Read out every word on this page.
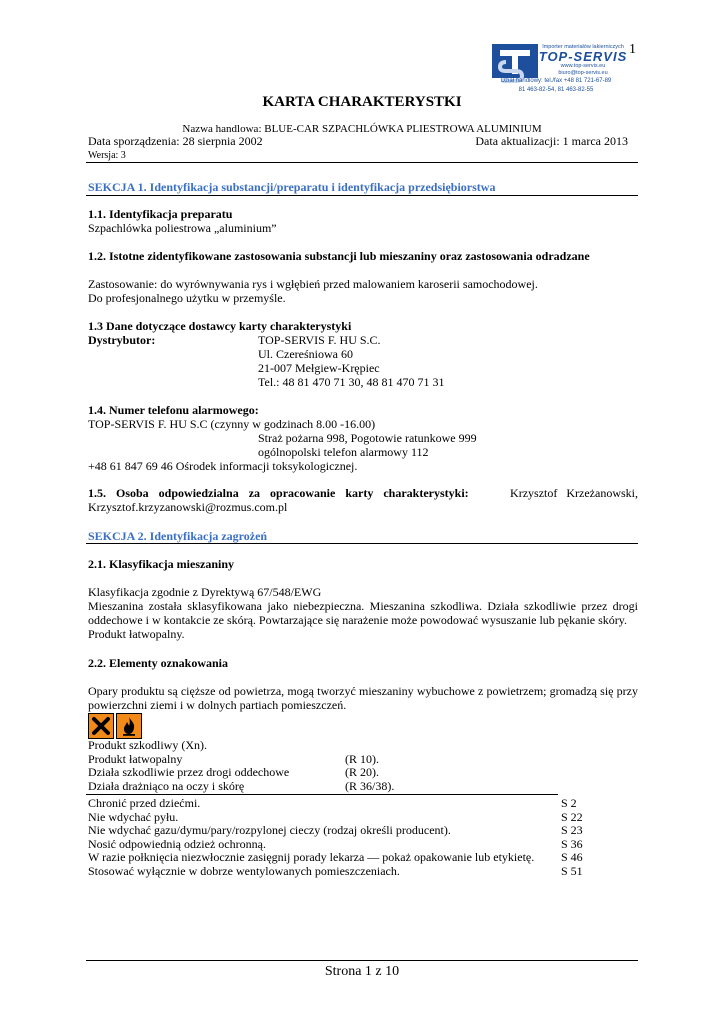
1
Importer materiałów lakierniczych
TOP-SERVIS
www.top-servis.eu
biuro@top-servis.eu
Dział handlowy: tel./fax +48 81 721-67-89
81 463-82-54, 81 463-82-55
KARTA CHARAKTERYSTKI
Nazwa handlowa: BLUE-CAR SZPACHLÓWKA PLIESTROWA ALUMINIUM
Data sporządzenia: 28 sierpnia 2002	Data aktualizacji: 1 marca 2013
Wersja: 3
SEKCJA 1. Identyfikacja substancji/preparatu i identyfikacja przedsiębiorstwa
1.1. Identyfikacja preparatu
Szpachlówka poliestrowa „aluminium”
1.2. Istotne zidentyfikowane zastosowania substancji lub mieszaniny oraz zastosowania odradzane
Zastosowanie: do wyrównywania rys i wgłębień przed malowaniem karoserii samochodowej.
Do profesjonalnego użytku w przemyśle.
1.3 Dane dotyczące dostawcy karty charakterystyki
Dystrybutor:	TOP-SERVIS F. HU S.C.
Ul. Czereśniowa 60
21-007 Mełgiew-Krępiec
Tel.: 48 81 470 71 30, 48 81 470 71 31
1.4. Numer telefonu alarmowego:
TOP-SERVIS F. HU S.C (czynny w godzinach 8.00 -16.00)
Straż pożarna 998, Pogotowie ratunkowe 999
ogólnopolski telefon alarmowy 112
+48 61 847 69 46 Ośrodek informacji toksykologicznej.
1.5. Osoba odpowiedzialna za opracowanie karty charakterystyki:	Krzysztof Krzeżanowski,
Krzysztof.krzyzanowski@rozmus.com.pl
SEKCJA 2. Identyfikacja zagrożeń
2.1. Klasyfikacja mieszaniny
Klasyfikacja zgodnie z Dyrektywą 67/548/EWG
Mieszanina została sklasyfikowana jako niebezpieczna. Mieszanina szkodliwa. Działa szkodliwie przez drogi oddechowe i w kontakcie ze skórą. Powtarzające się narażenie może powodować wysuszanie lub pękanie skóry.
Produkt łatwopalny.
2.2. Elementy oznakowania
Opary produktu są cięższe od powietrza, mogą tworzyć mieszaniny wybuchowe z powietrzem; gromadzą się przy powierzchni ziemi i w dolnych partiach pomieszczeń.
Produkt szkodliwy (Xn).	
Produkt łatwopalny	(R 10).
Działa szkodliwie przez drogi oddechowe	(R 20).
Działa drażniąco na oczy i skórę	(R 36/38).
Chronić przed dziećmi.	S 2
Nie wdychać pyłu.	S 22
Nie wdychać gazu/dymu/pary/rozpylonej cieczy (rodzaj określi producent).	S 23
Nosić odpowiednią odzież ochronną.	S 36
W razie połknięcia niezwłocznie zasięgnij porady lekarza — pokaż opakowanie lub etykietę.	S 46
Stosować wyłącznie w dobrze wentylowanych pomieszczeniach.	S 51
Strona 1 z 10
